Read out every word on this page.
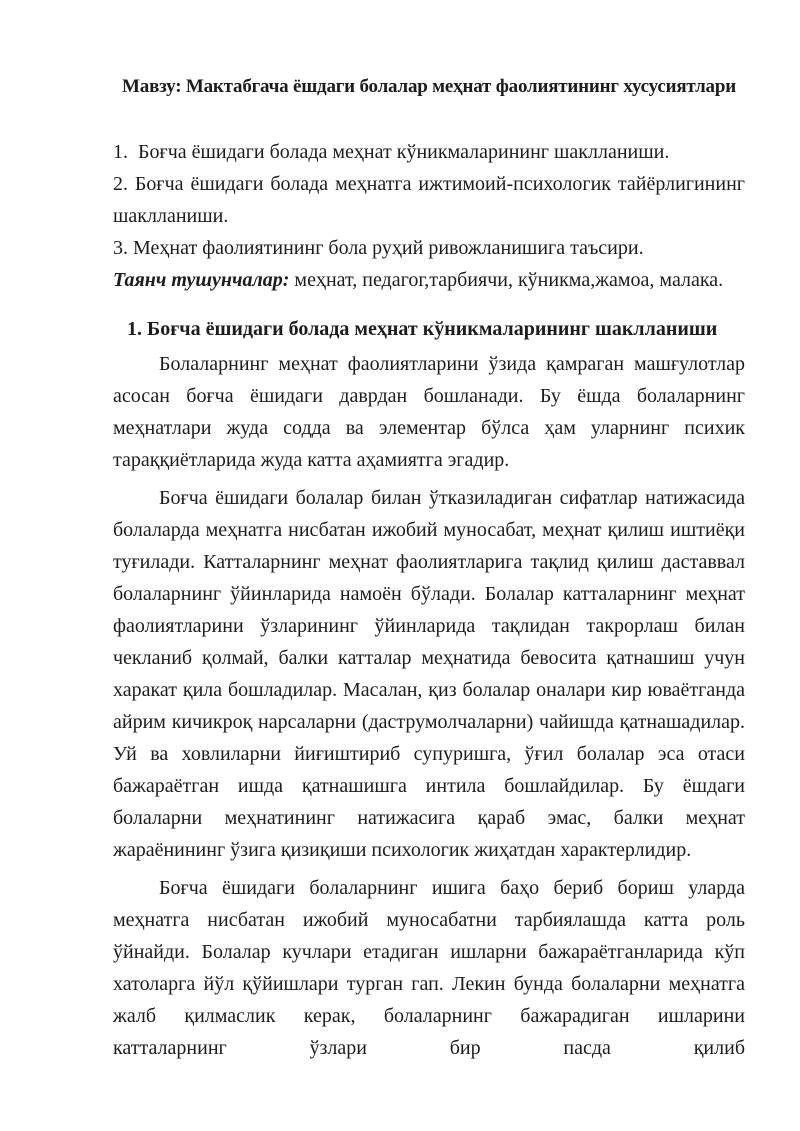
Мавзу: Мактабгача ёшдаги болалар меҳнат фаолиятининг хусусиятлари

1.  Боғча ёшидаги болада меҳнат кўникмаларининг шаклланиши.

2. Боғча ёшидаги болада меҳнатга ижтимоий-психологик тайёрлигининг шаклланиши.

3. Меҳнат фаолиятининг бола руҳий ривожланишига таъсири.

Таянч тушунчалар: меҳнат, педагог,тарбиячи, кўникма,жамоа, малака.

1. Боғча ёшидаги болада меҳнат кўникмаларининг шаклланиши

Болаларнинг меҳнат фаолиятларини ўзида қамраган машғулотлар асосан боғча ёшидаги даврдан бошланади. Бу ёшда болаларнинг меҳнатлари жуда содда ва элементар бўлса ҳам уларнинг психик тараққиётларида жуда катта аҳамиятга эгадир.

Боғча ёшидаги болалар билан ўтказиладиган сифатлар натижасида болаларда меҳнатга нисбатан ижобий муносабат, меҳнат қилиш иштиёқи туғилади. Катталарнинг меҳнат фаолиятларига тақлид қилиш даставвал болаларнинг ўйинларида намоён бўлади. Болалар катталарнинг меҳнат фаолиятларини ўзларининг ўйинларида тақлидан такрорлаш билан чекланиб қолмай, балки катталар меҳнатида бевосита қатнашиш учун харакат қила бошладилар. Масалан, қиз болалар оналари кир юваётганда айрим кичикроқ нарсаларни (даструмолчаларни) чайишда қатнашадилар. Уй ва ховлиларни йиғиштириб супуришга, ўғил болалар эса отаси бажараётган ишда қатнашишга интила бошлайдилар. Бу ёшдаги болаларни меҳнатининг натижасига қараб эмас, балки меҳнат жараёнининг ўзига қизиқиши психологик жиҳатдан характерлидир.

Боғча ёшидаги болаларнинг ишига баҳо бериб бориш уларда меҳнатга нисбатан ижобий муносабатни тарбиялашда катта роль ўйнайди. Болалар кучлари етадиган ишларни бажараётганларида кўп хатоларга йўл қўйишлари турган гап. Лекин бунда болаларни меҳнатга жалб қилмаслик керак, болаларнинг бажарадиган ишларини катталарнинг ўзлари бир пасда қилиб
